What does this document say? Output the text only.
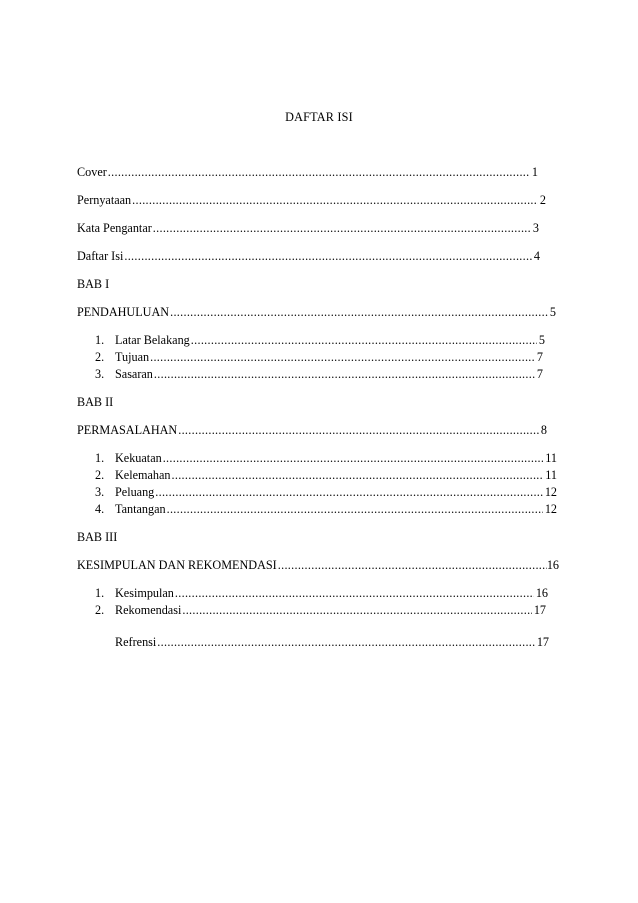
DAFTAR ISI
Cover .....	1
Pernyataan .....	2
Kata Pengantar .....	3
Daftar Isi .....	4
BAB I
PENDAHULUAN .....	5
1. Latar Belakang .....	5
2. Tujuan .....	7
3. Sasaran .....	7
BAB II
PERMASALAHAN .....	8
1. Kekuatan .....	11
2. Kelemahan .....	11
3. Peluang .....	12
4. Tantangan .....	12
BAB III
KESIMPULAN DAN REKOMENDASI .....	16
1. Kesimpulan .....	16
2. Rekomendasi .....	17
Refrensi .....	17
